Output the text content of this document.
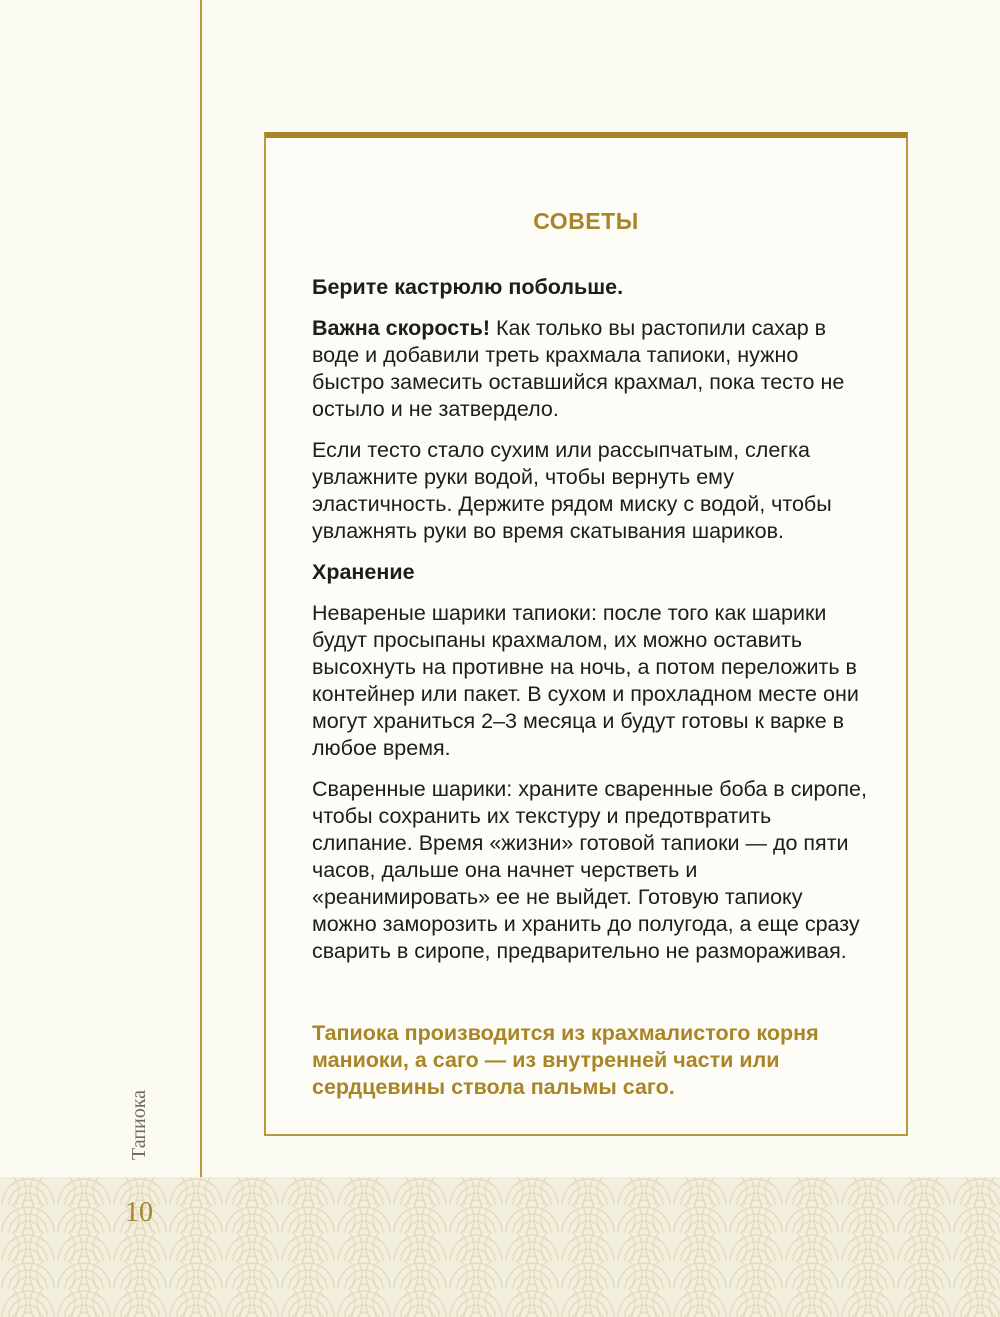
Тапиока
10
СОВЕТЫ

Берите кастрюлю побольше.

Важна скорость! Как только вы растопили сахар в воде и добавили треть крахмала тапиоки, нужно быстро замесить оставшийся крахмал, пока тесто не остыло и не затвердело.

Если тесто стало сухим или рассыпчатым, слегка увлажните руки водой, чтобы вернуть ему эластичность. Держите рядом миску с водой, чтобы увлажнять руки во время скатывания шариков.

Хранение

Невареные шарики тапиоки: после того как шарики будут просыпаны крахмалом, их можно оставить высохнуть на противне на ночь, а потом переложить в контейнер или пакет. В сухом и прохладном месте они могут храниться 2–3 месяца и будут готовы к варке в любое время.

Сваренные шарики: храните сваренные боба в сиропе, чтобы сохранить их текстуру и предотвратить слипание. Время «жизни» готовой тапиоки — до пяти часов, дальше она начнет черстветь и «реанимировать» ее не выйдет. Готовую тапиоку можно заморозить и хранить до полугода, а еще сразу сварить в сиропе, предварительно не размораживая.

Тапиока производится из крахмалистого корня маниоки, а саго — из внутренней части или сердцевины ствола пальмы саго.
